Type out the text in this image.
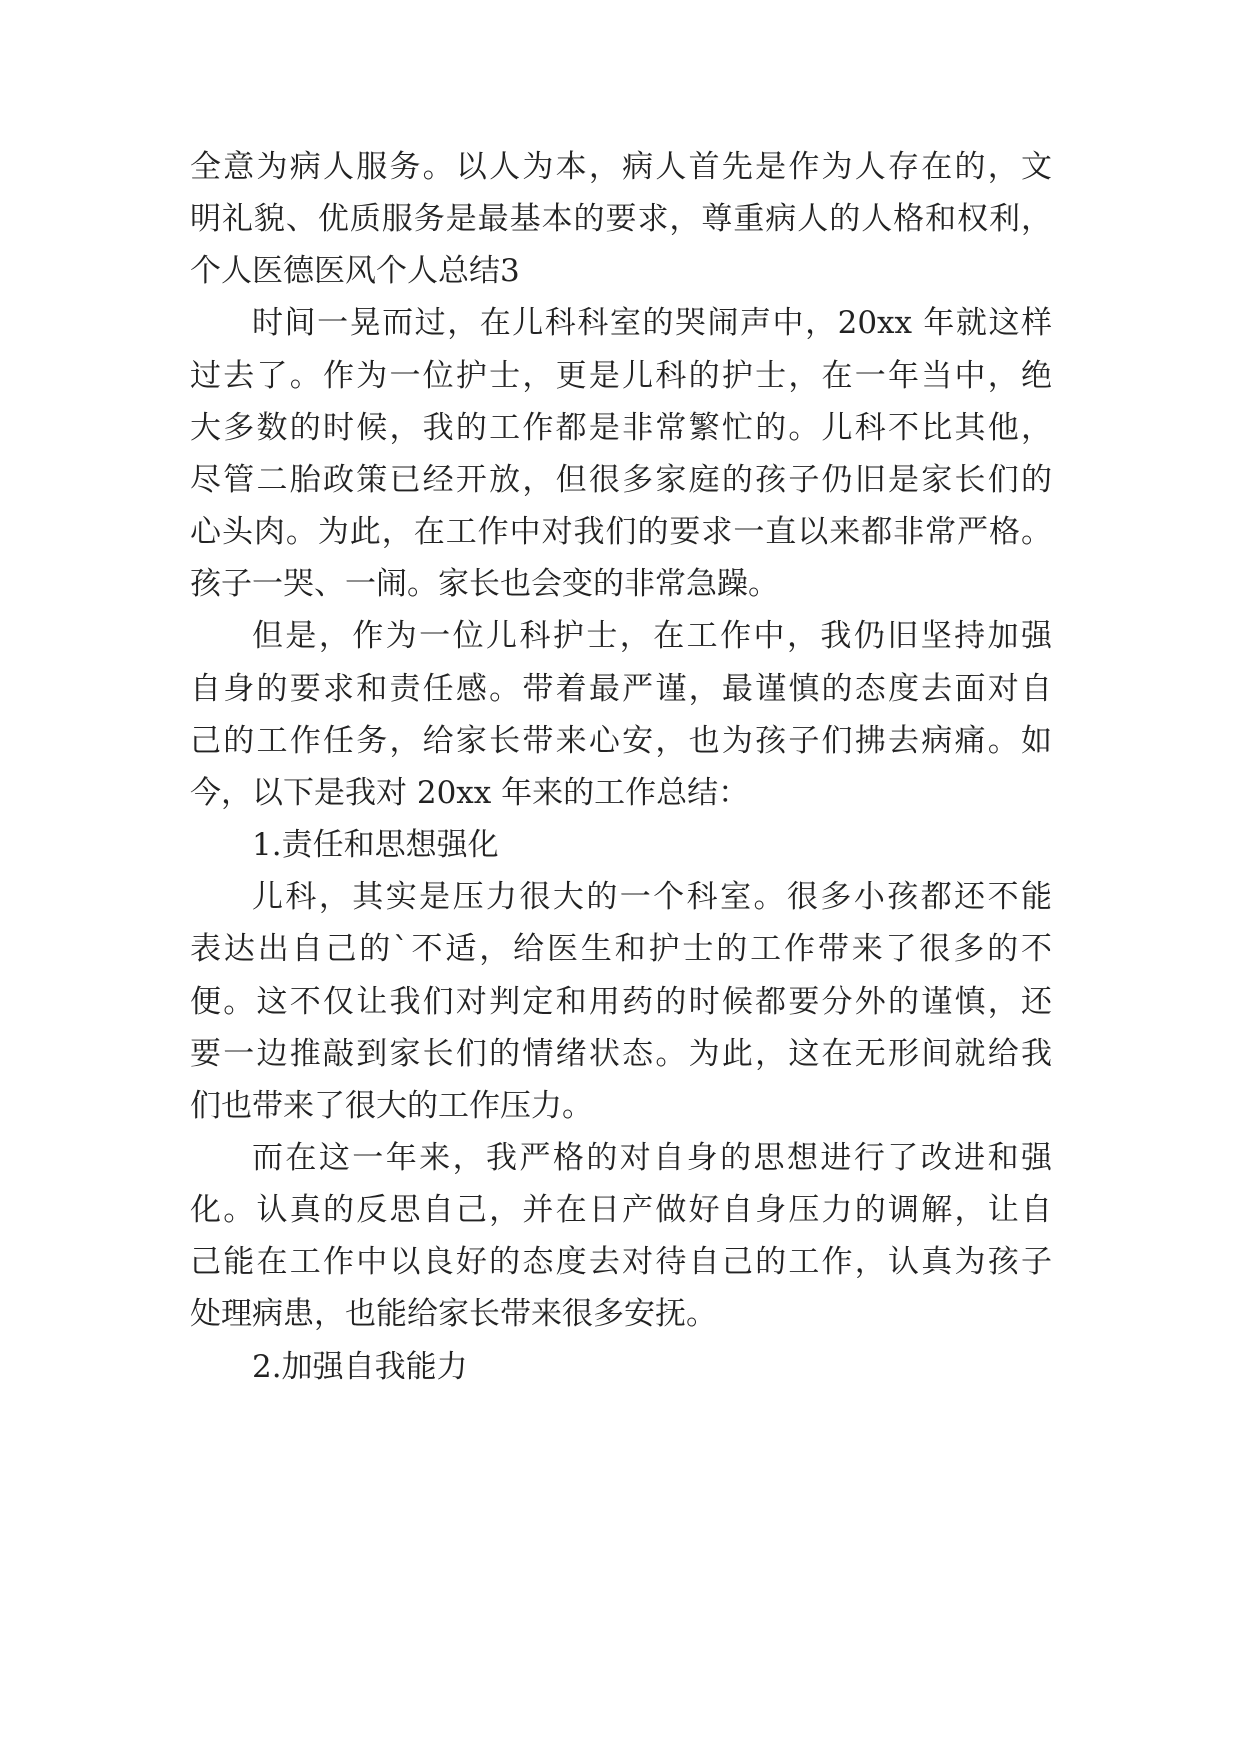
全意为病人服务。以人为本，病人首先是作为人存在的，文
明礼貌、优质服务是最基本的要求，尊重病人的人格和权利，
个人医德医风个人总结3
时间一晃而过，在儿科科室的哭闹声中，20xx 年就这样
过去了。作为一位护士，更是儿科的护士，在一年当中，绝
大多数的时候，我的工作都是非常繁忙的。儿科不比其他，
尽管二胎政策已经开放，但很多家庭的孩子仍旧是家长们的
心头肉。为此，在工作中对我们的要求一直以来都非常严格。
孩子一哭、一闹。家长也会变的非常急躁。
但是，作为一位儿科护士，在工作中，我仍旧坚持加强
自身的要求和责任感。带着最严谨，最谨慎的态度去面对自
己的工作任务，给家长带来心安，也为孩子们拂去病痛。如
今，以下是我对 20xx 年来的工作总结：
1.责任和思想强化
儿科，其实是压力很大的一个科室。很多小孩都还不能
表达出自己的`不适，给医生和护士的工作带来了很多的不
便。这不仅让我们对判定和用药的时候都要分外的谨慎，还
要一边推敲到家长们的情绪状态。为此，这在无形间就给我
们也带来了很大的工作压力。
而在这一年来，我严格的对自身的思想进行了改进和强
化。认真的反思自己，并在日产做好自身压力的调解，让自
己能在工作中以良好的态度去对待自己的工作，认真为孩子
处理病患，也能给家长带来很多安抚。
2.加强自我能力
